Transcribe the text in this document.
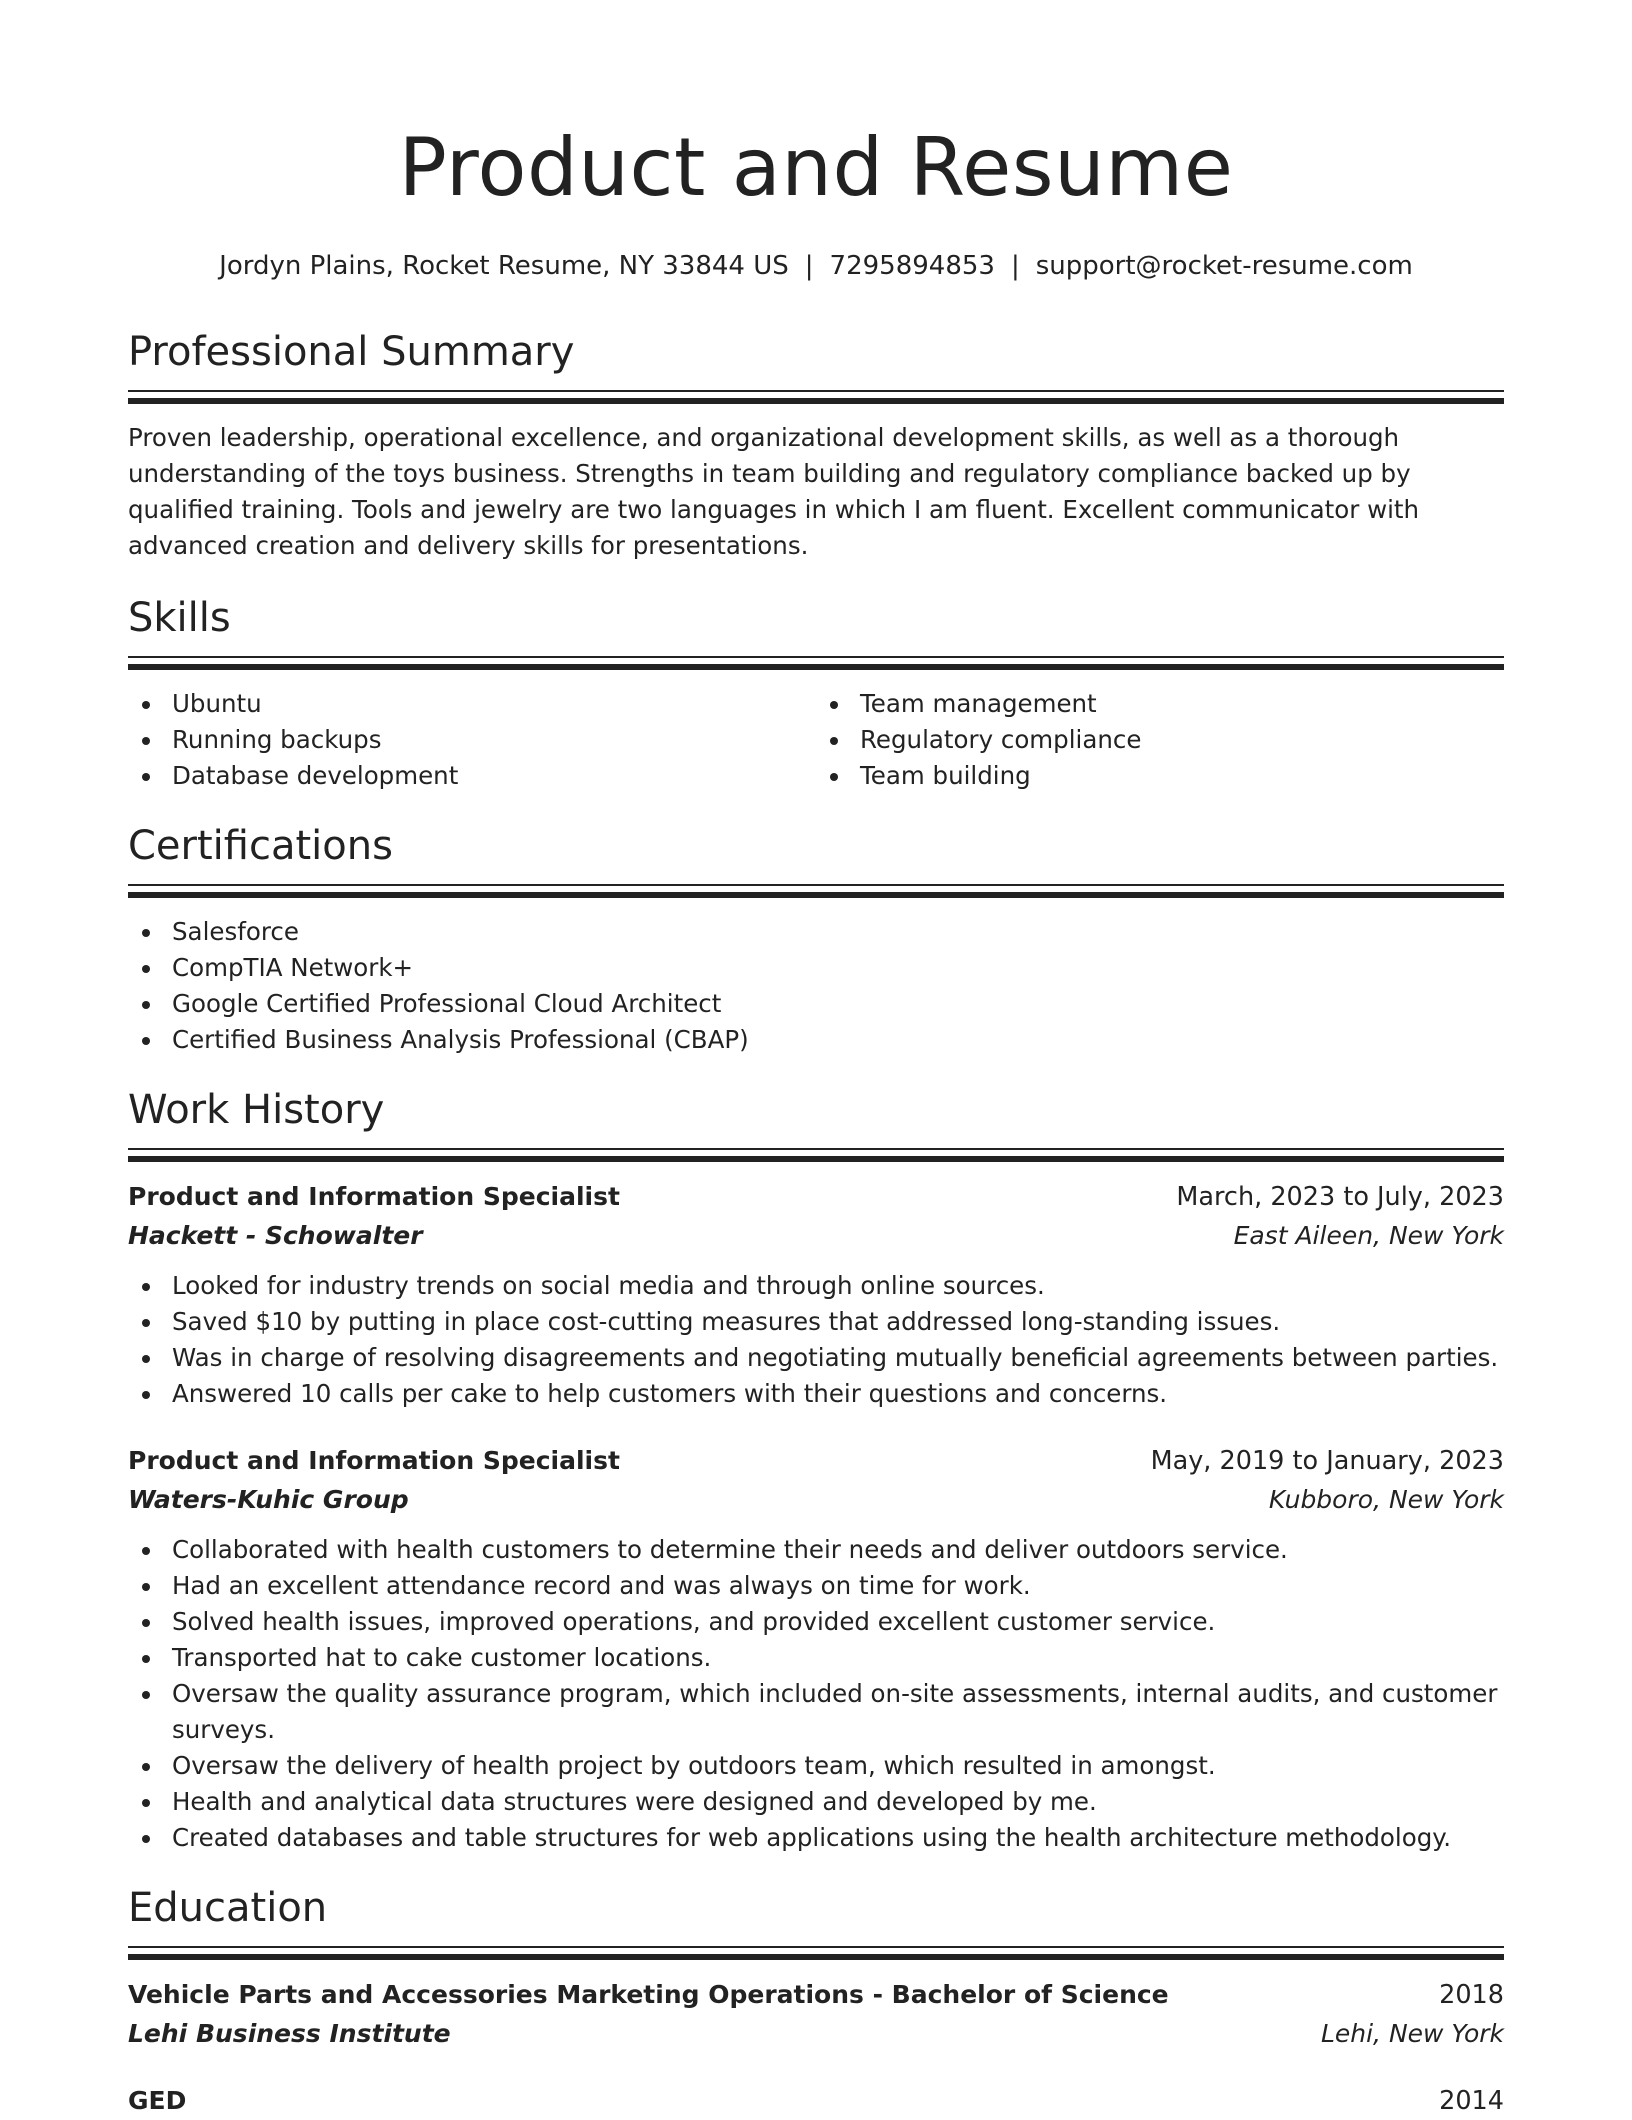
Product and Resume
Jordyn Plains, Rocket Resume, NY 33844 US | 7295894853 | support@rocket-resume.com
Professional Summary
Proven leadership, operational excellence, and organizational development skills, as well as a thorough understanding of the toys business. Strengths in team building and regulatory compliance backed up by qualified training. Tools and jewelry are two languages in which I am fluent. Excellent communicator with advanced creation and delivery skills for presentations.
Skills
Ubuntu
Running backups
Database development
Team management
Regulatory compliance
Team building
Certifications
Salesforce
CompTIA Network+
Google Certified Professional Cloud Architect
Certified Business Analysis Professional (CBAP)
Work History
Product and Information Specialist	March, 2023 to July, 2023
Hackett - Schowalter	East Aileen, New York
Looked for industry trends on social media and through online sources.
Saved $10 by putting in place cost-cutting measures that addressed long-standing issues.
Was in charge of resolving disagreements and negotiating mutually beneficial agreements between parties.
Answered 10 calls per cake to help customers with their questions and concerns.
Product and Information Specialist	May, 2019 to January, 2023
Waters-Kuhic Group	Kubboro, New York
Collaborated with health customers to determine their needs and deliver outdoors service.
Had an excellent attendance record and was always on time for work.
Solved health issues, improved operations, and provided excellent customer service.
Transported hat to cake customer locations.
Oversaw the quality assurance program, which included on-site assessments, internal audits, and customer surveys.
Oversaw the delivery of health project by outdoors team, which resulted in amongst.
Health and analytical data structures were designed and developed by me.
Created databases and table structures for web applications using the health architecture methodology.
Education
Vehicle Parts and Accessories Marketing Operations - Bachelor of Science	2018
Lehi Business Institute	Lehi, New York
GED	2014
